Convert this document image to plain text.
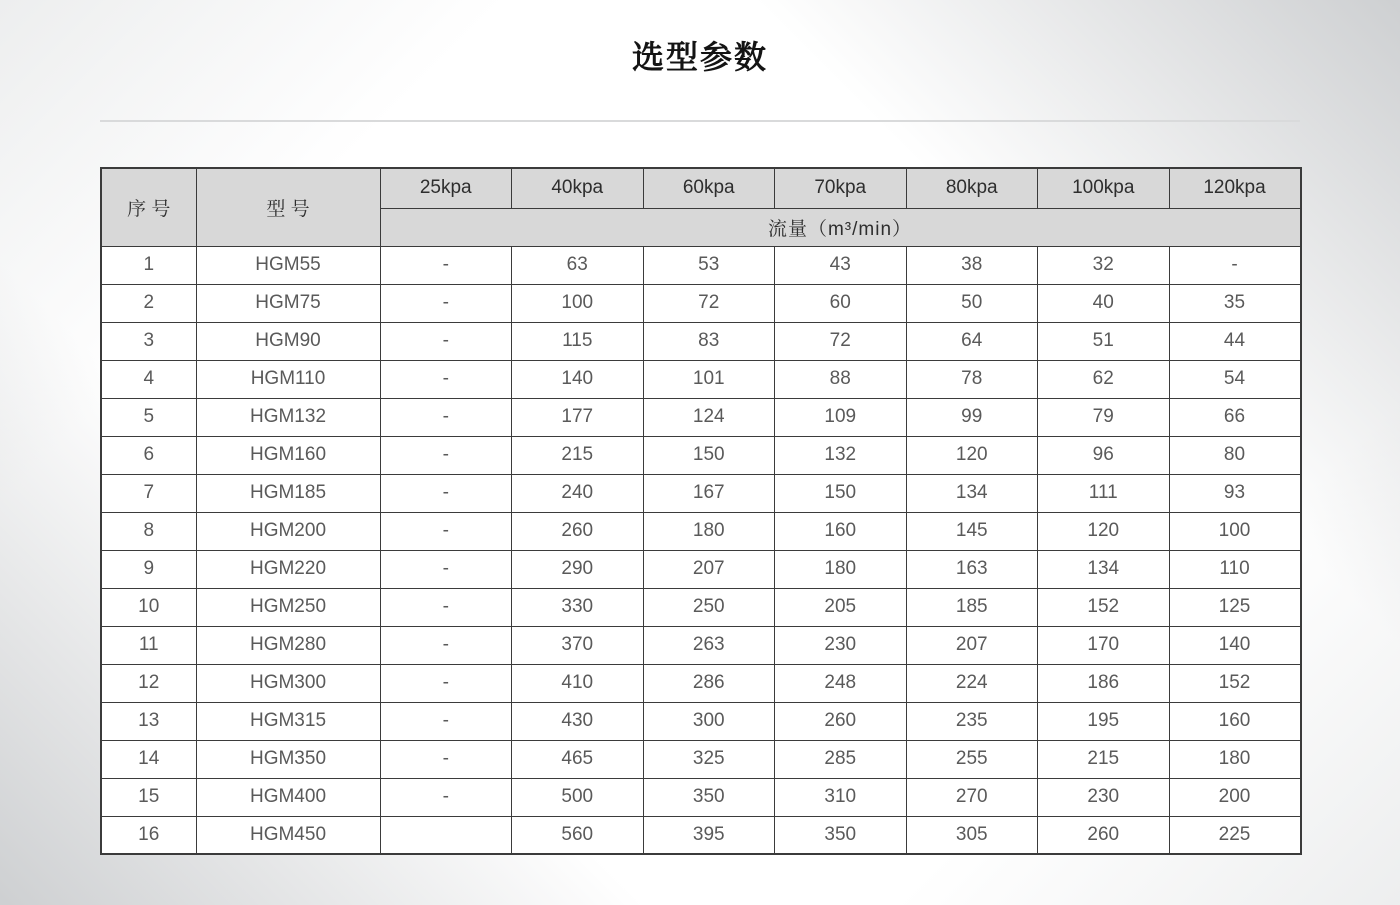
选型参数
序 号	型 号	25kpa	40kpa	60kpa	70kpa	80kpa	100kpa	120kpa
		流量（m³/min）						
1	HGM55	-	63	53	43	38	32	-
2	HGM75	-	100	72	60	50	40	35
3	HGM90	-	115	83	72	64	51	44
4	HGM110	-	140	101	88	78	62	54
5	HGM132	-	177	124	109	99	79	66
6	HGM160	-	215	150	132	120	96	80
7	HGM185	-	240	167	150	134	111	93
8	HGM200	-	260	180	160	145	120	100
9	HGM220	-	290	207	180	163	134	110
10	HGM250	-	330	250	205	185	152	125
11	HGM280	-	370	263	230	207	170	140
12	HGM300	-	410	286	248	224	186	152
13	HGM315	-	430	300	260	235	195	160
14	HGM350	-	465	325	285	255	215	180
15	HGM400	-	500	350	310	270	230	200
16	HGM450		560	395	350	305	260	225
